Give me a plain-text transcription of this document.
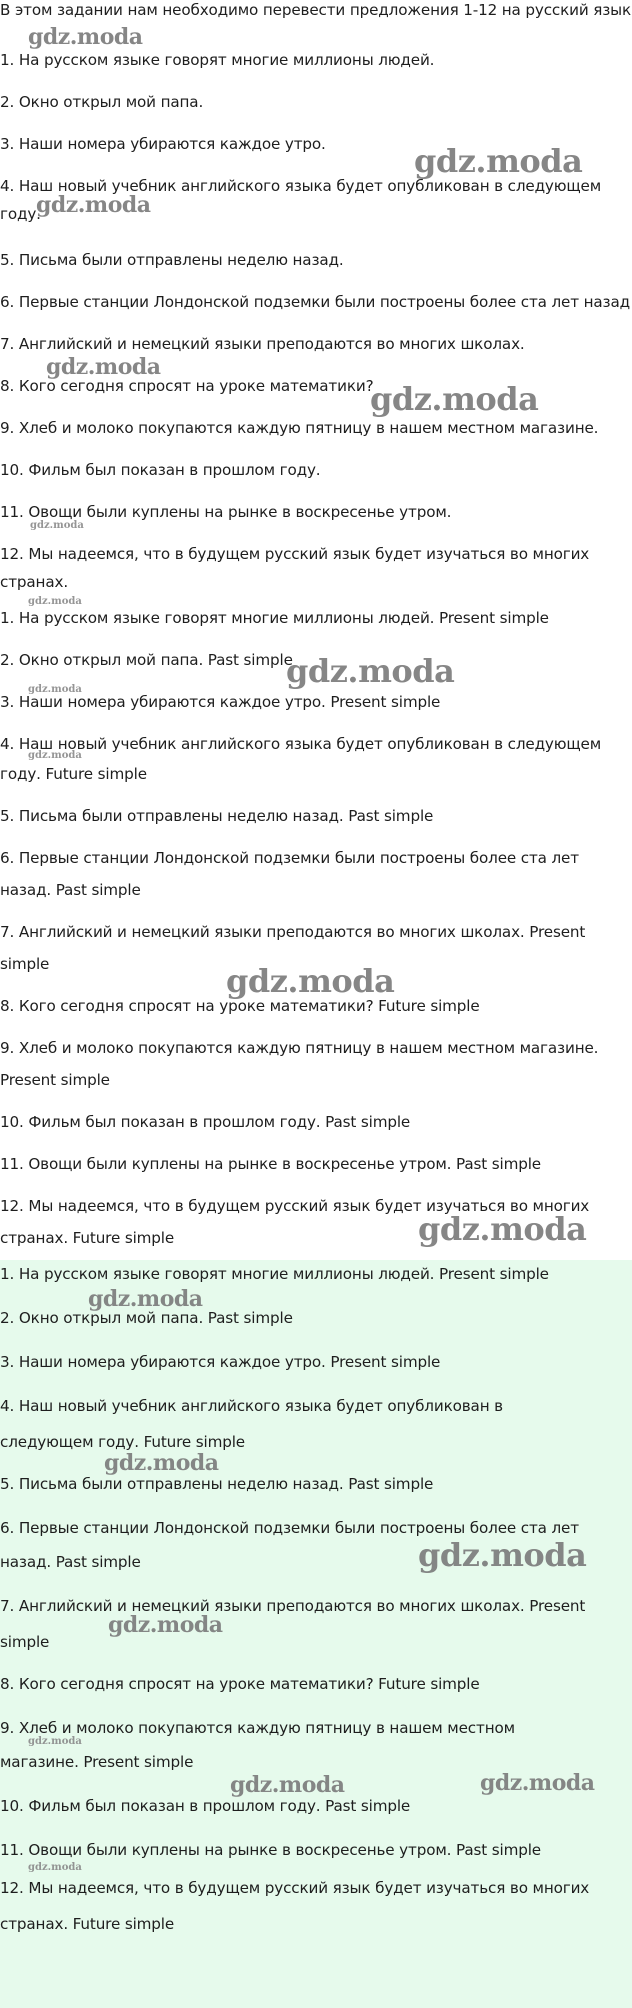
В этом задании нам необходимо перевести предложения 1-12 на русский язык
1. На русском языке говорят многие миллионы людей.
2. Окно открыл мой папа.
3. Наши номера убираются каждое утро.
4. Наш новый учебник английского языка будет опубликован в следующем
году.
5. Письма были отправлены неделю назад.
6. Первые станции Лондонской подземки были построены более ста лет назад
7. Английский и немецкий языки преподаются во многих школах.
8. Кого сегодня спросят на уроке математики?
9. Хлеб и молоко покупаются каждую пятницу в нашем местном магазине.
10. Фильм был показан в прошлом году.
11. Овощи были куплены на рынке в воскресенье утром.
12. Мы надеемся, что в будущем русский язык будет изучаться во многих
странах.
gdz.moda
gdz.moda
gdz.moda
gdz.moda
gdz.moda
gdz.moda
gdz.moda
1. На русском языке говорят многие миллионы людей. Present simple
2. Окно открыл мой папа. Past simple
3. Наши номера убираются каждое утро. Present simple
4. Наш новый учебник английского языка будет опубликован в следующем
году. Future simple
5. Письма были отправлены неделю назад. Past simple
6. Первые станции Лондонской подземки были построены более ста лет
назад. Past simple
7. Английский и немецкий языки преподаются во многих школах. Present
simple
8. Кого сегодня спросят на уроке математики? Future simple
9. Хлеб и молоко покупаются каждую пятницу в нашем местном магазине.
Present simple
10. Фильм был показан в прошлом году. Past simple
11. Овощи были куплены на рынке в воскресенье утром. Past simple
12. Мы надеемся, что в будущем русский язык будет изучаться во многих
странах. Future simple
gdz.moda
gdz.moda
gdz.moda
gdz.moda
gdz.moda
1. На русском языке говорят многие миллионы людей. Present simple
2. Окно открыл мой папа. Past simple
3. Наши номера убираются каждое утро. Present simple
4. Наш новый учебник английского языка будет опубликован в
следующем году. Future simple
5. Письма были отправлены неделю назад. Past simple
6. Первые станции Лондонской подземки были построены более ста лет
назад. Past simple
7. Английский и немецкий языки преподаются во многих школах. Present
simple
8. Кого сегодня спросят на уроке математики? Future simple
9. Хлеб и молоко покупаются каждую пятницу в нашем местном
магазине. Present simple
10. Фильм был показан в прошлом году. Past simple
11. Овощи были куплены на рынке в воскресенье утром. Past simple
12. Мы надеемся, что в будущем русский язык будет изучаться во многих
странах. Future simple
gdz.moda
gdz.moda
gdz.moda
gdz.moda
gdz.moda
gdz.moda	gdz.moda
gdz.moda
